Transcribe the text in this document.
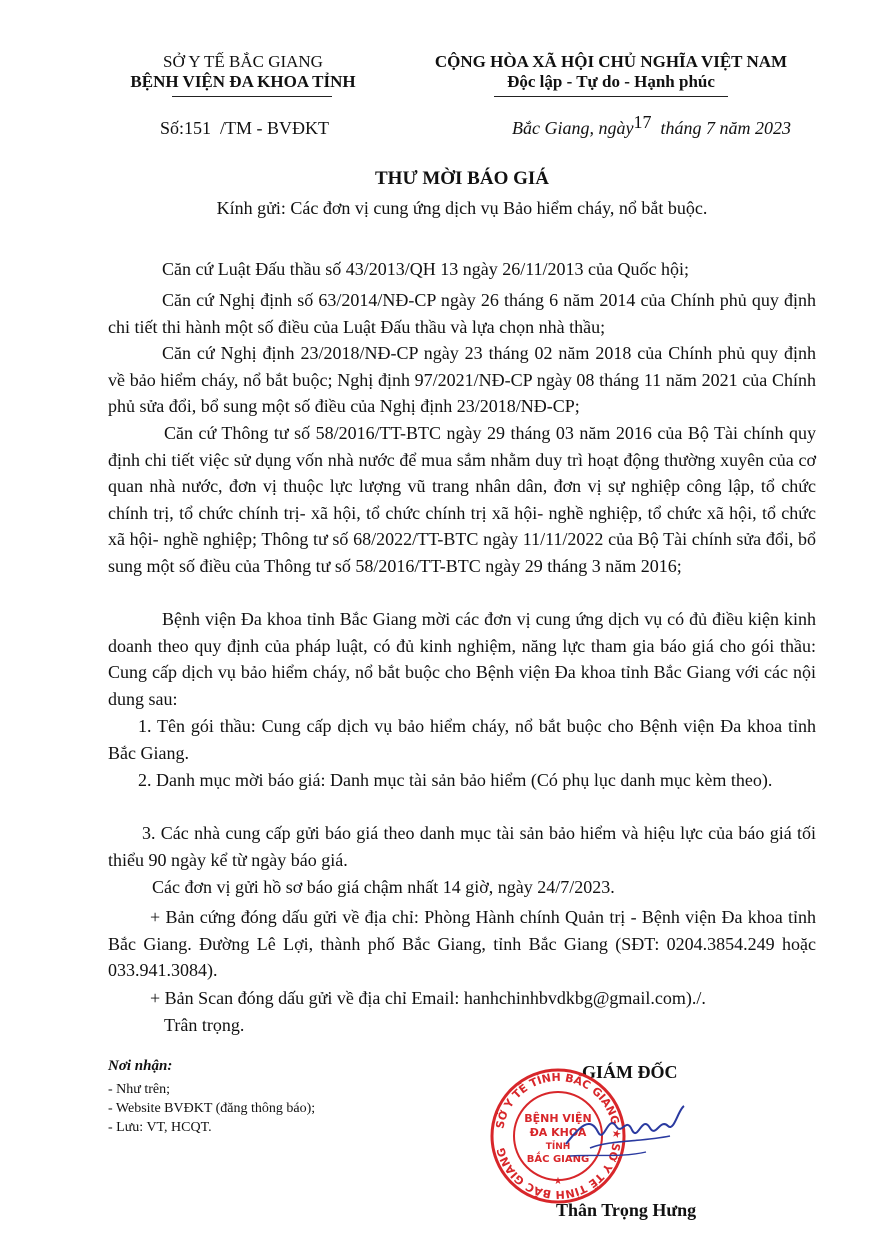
SỞ Y TẾ BẮC GIANG
BỆNH VIỆN ĐA KHOA TỈNH
CỘNG HÒA XÃ HỘI CHỦ NGHĨA VIỆT NAM
Độc lập - Tự do - Hạnh phúc
Số:151 /TM - BVĐKT	Bắc Giang, ngày17 tháng 7 năm 2023
THƯ MỜI BÁO GIÁ
Kính gửi: Các đơn vị cung ứng dịch vụ Bảo hiểm cháy, nổ bắt buộc.
Căn cứ Luật Đấu thầu số 43/2013/QH 13 ngày 26/11/2013 của Quốc hội;
Căn cứ Nghị định số 63/2014/NĐ-CP ngày 26 tháng 6 năm 2014 của Chính phủ quy định chi tiết thi hành một số điều của Luật Đấu thầu và lựa chọn nhà thầu;
Căn cứ Nghị định 23/2018/NĐ-CP ngày 23 tháng 02 năm 2018 của Chính phủ quy định về bảo hiểm cháy, nổ bắt buộc; Nghị định 97/2021/NĐ-CP ngày 08 tháng 11 năm 2021 của Chính phủ sửa đổi, bổ sung một số điều của Nghị định 23/2018/NĐ-CP;
Căn cứ Thông tư số 58/2016/TT-BTC ngày 29 tháng 03 năm 2016 của Bộ Tài chính quy định chi tiết việc sử dụng vốn nhà nước để mua sắm nhằm duy trì hoạt động thường xuyên của cơ quan nhà nước, đơn vị thuộc lực lượng vũ trang nhân dân, đơn vị sự nghiệp công lập, tổ chức chính trị, tổ chức chính trị- xã hội, tổ chức chính trị xã hội- nghề nghiệp, tổ chức xã hội, tổ chức xã hội- nghề nghiệp; Thông tư số 68/2022/TT-BTC ngày 11/11/2022 của Bộ Tài chính sửa đổi, bổ sung một số điều của Thông tư số 58/2016/TT-BTC ngày 29 tháng 3 năm 2016;
Bệnh viện Đa khoa tỉnh Bắc Giang mời các đơn vị cung ứng dịch vụ có đủ điều kiện kinh doanh theo quy định của pháp luật, có đủ kinh nghiệm, năng lực tham gia báo giá cho gói thầu: Cung cấp dịch vụ bảo hiểm cháy, nổ bắt buộc cho Bệnh viện Đa khoa tỉnh Bắc Giang với các nội dung sau:
1. Tên gói thầu: Cung cấp dịch vụ bảo hiểm cháy, nổ bắt buộc cho Bệnh viện Đa khoa tỉnh Bắc Giang.
2. Danh mục mời báo giá: Danh mục tài sản bảo hiểm (Có phụ lục danh mục kèm theo).
3. Các nhà cung cấp gửi báo giá theo danh mục tài sản bảo hiểm và hiệu lực của báo giá tối thiểu 90 ngày kể từ ngày báo giá.
Các đơn vị gửi hồ sơ báo giá chậm nhất 14 giờ, ngày 24/7/2023.
+ Bản cứng đóng dấu gửi về địa chỉ: Phòng Hành chính Quản trị - Bệnh viện Đa khoa tỉnh Bắc Giang. Đường Lê Lợi, thành phố Bắc Giang, tỉnh Bắc Giang (SĐT: 0204.3854.249 hoặc 033.941.3084).
+ Bản Scan đóng dấu gửi về địa chỉ Email: hanhchinhbvdkbg@gmail.com)./.
Trân trọng.
Nơi nhận:
- Như trên;
- Website BVĐKT (đăng thông báo);
- Lưu: VT, HCQT.
GIÁM ĐỐC
SỞ Y TẾ TỈNH BẮC GIANG ★ SỞ Y TẾ TỈNH BẮC GIANG
BỆNH VIỆN
ĐA KHOA
TỈNH
BẮC GIANG
★
Thân Trọng Hưng
